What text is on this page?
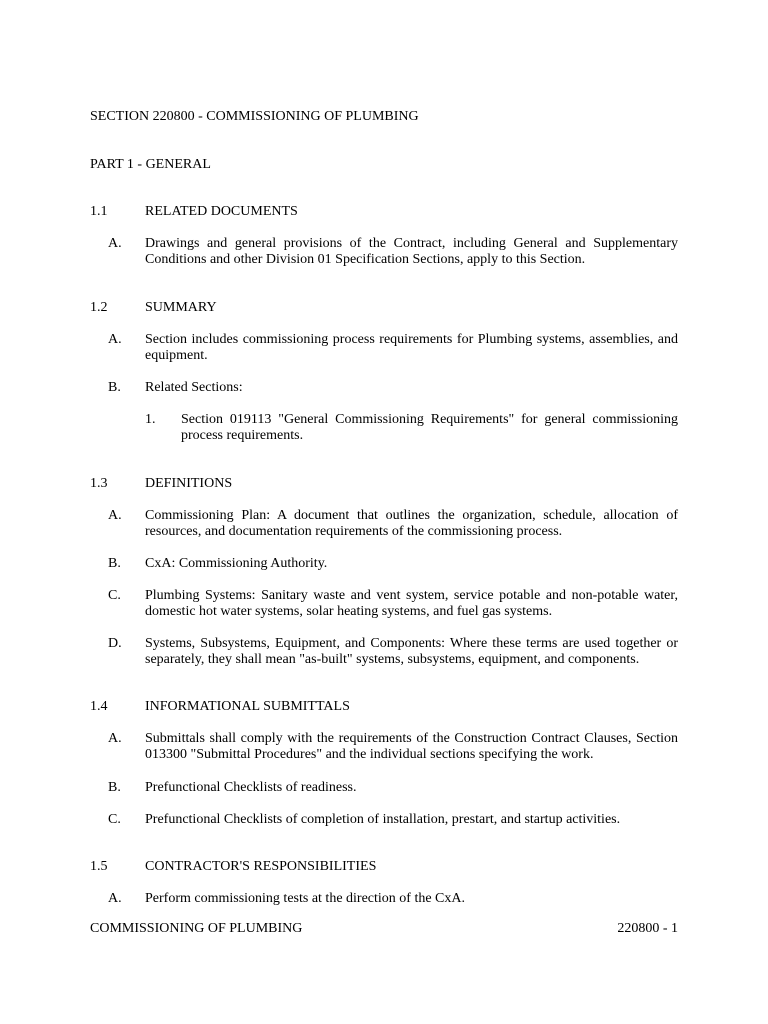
SECTION 220800 - COMMISSIONING OF PLUMBING
PART 1 - GENERAL
1.1	RELATED DOCUMENTS
A. Drawings and general provisions of the Contract, including General and Supplementary Conditions and other Division 01 Specification Sections, apply to this Section.
1.2	SUMMARY
A. Section includes commissioning process requirements for Plumbing systems, assemblies, and equipment.
B. Related Sections:
1. Section 019113 "General Commissioning Requirements" for general commissioning process requirements.
1.3	DEFINITIONS
A. Commissioning Plan: A document that outlines the organization, schedule, allocation of resources, and documentation requirements of the commissioning process.
B. CxA: Commissioning Authority.
C. Plumbing Systems: Sanitary waste and vent system, service potable and non-potable water, domestic hot water systems, solar heating systems, and fuel gas systems.
D. Systems, Subsystems, Equipment, and Components: Where these terms are used together or separately, they shall mean "as-built" systems, subsystems, equipment, and components.
1.4	INFORMATIONAL SUBMITTALS
A. Submittals shall comply with the requirements of the Construction Contract Clauses, Section 013300 "Submittal Procedures" and the individual sections specifying the work.
B. Prefunctional Checklists of readiness.
C. Prefunctional Checklists of completion of installation, prestart, and startup activities.
1.5	CONTRACTOR'S RESPONSIBILITIES
A. Perform commissioning tests at the direction of the CxA.
COMMISSIONING OF PLUMBING	220800 - 1
